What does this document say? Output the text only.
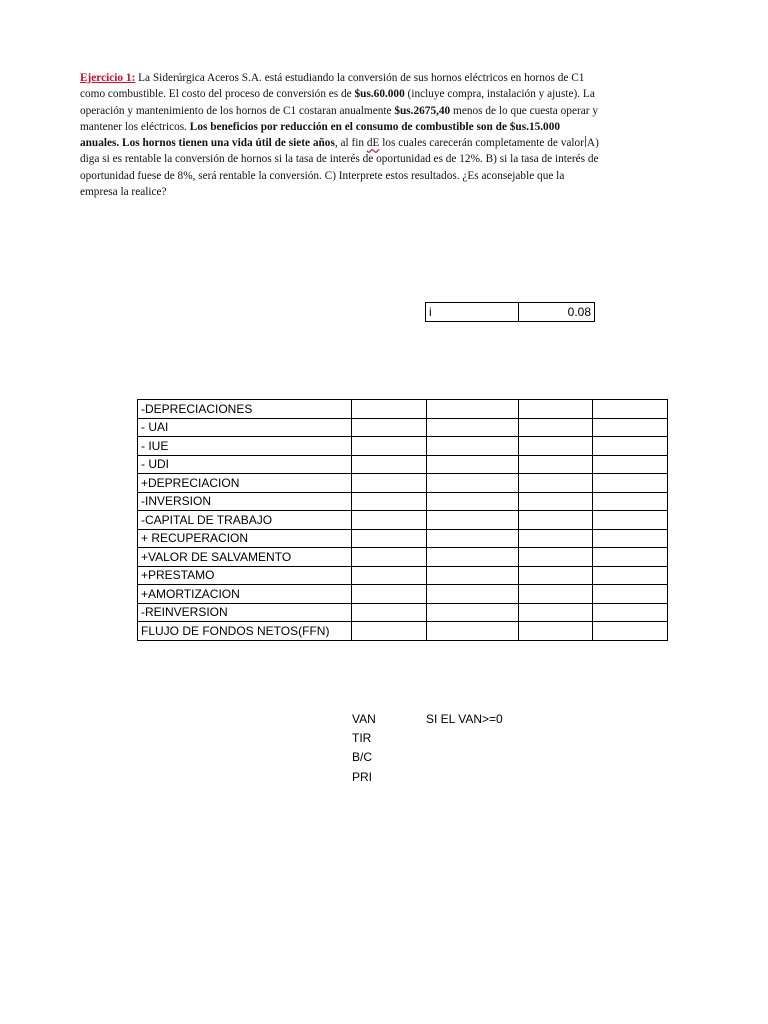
Ejercicio 1: La Siderúrgica Aceros S.A. está estudiando la conversión de sus hornos eléctricos en hornos de C1 como combustible. El costo del proceso de conversión es de $us.60.000 (incluye compra, instalación y ajuste). La operación y mantenimiento de los hornos de C1 costaran anualmente $us.2675,40 menos de lo que cuesta operar y mantener los eléctricos. Los beneficios por reducción en el consumo de combustible son de $us.15.000 anuales. Los hornos tienen una vida útil de siete años, al fin dE los cuales carecerán completamente de valor A) diga si es rentable la conversión de hornos si la tasa de interés de oportunidad es de 12%. B) si la tasa de interés de oportunidad fuese de 8%, será rentable la conversión. C) Interprete estos resultados. ¿Es aconsejable que la empresa la realice?
i	0.08
-DEPRECIACIONES				
- UAI				
- IUE				
- UDI				
+DEPRECIACION				
-INVERSION				
-CAPITAL DE TRABAJO				
+ RECUPERACION				
+VALOR DE SALVAMENTO				
+PRESTAMO				
+AMORTIZACION				
-REINVERSION				
FLUJO DE FONDOS NETOS(FFN)				
VAN	SI EL VAN>=0
TIR
B/C
PRI
